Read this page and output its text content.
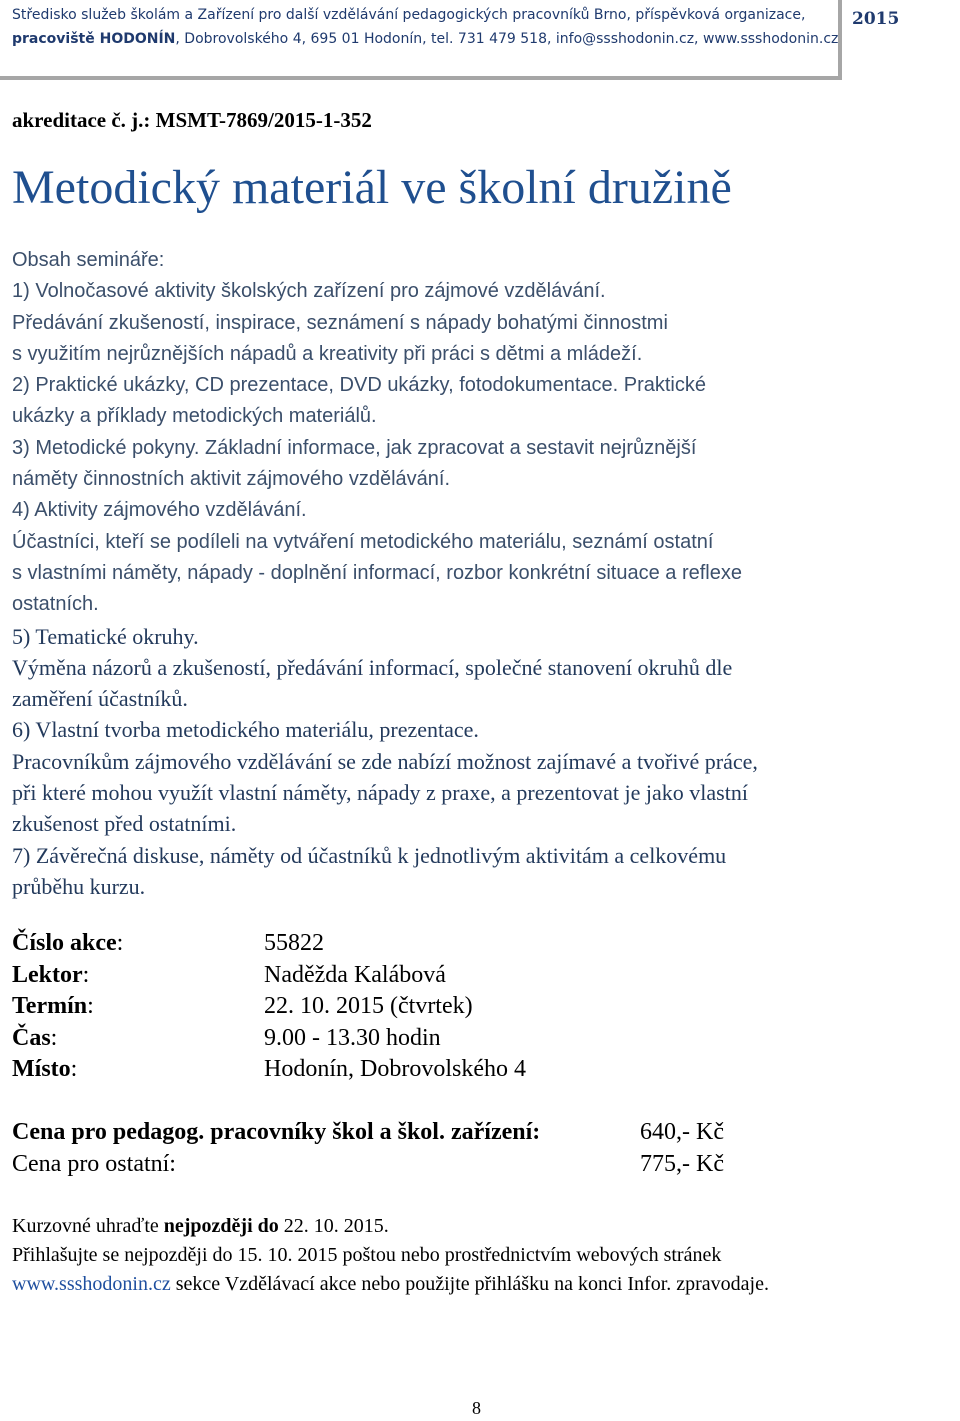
Středisko služeb školám a Zařízení pro další vzdělávání pedagogických pracovníků Brno, příspěvková organizace,
pracoviště HODONÍN, Dobrovolského 4, 695 01 Hodonín, tel. 731 479 518, info@ssshodonin.cz, www.ssshodonin.cz
2015
akreditace č. j.: MSMT-7869/2015-1-352
Metodický materiál ve školní družině
Obsah semináře:
1) Volnočasové aktivity školských zařízení pro zájmové vzdělávání.
Předávání zkušeností, inspirace, seznámení s nápady bohatými činnostmi
s využitím nejrůznějších nápadů a kreativity při práci s dětmi a mládeží.
2) Praktické ukázky, CD prezentace, DVD ukázky, fotodokumentace. Praktické
ukázky a příklady metodických materiálů.
3) Metodické pokyny. Základní informace, jak zpracovat a sestavit nejrůznější
náměty činnostních aktivit zájmového vzdělávání.
4) Aktivity zájmového vzdělávání.
Účastníci, kteří se podíleli na vytváření metodického materiálu, seznámí ostatní
s vlastními náměty, nápady - doplnění informací, rozbor konkrétní situace a reflexe
ostatních.
5) Tematické okruhy.
Výměna názorů a zkušeností, předávání informací, společné stanovení okruhů dle
zaměření účastníků.
6) Vlastní tvorba metodického materiálu, prezentace.
Pracovníkům zájmového vzdělávání se zde nabízí možnost zajímavé a tvořivé práce,
při které mohou využít vlastní náměty, nápady z praxe, a prezentovat je jako vlastní
zkušenost před ostatními.
7) Závěrečná diskuse, náměty od účastníků k jednotlivým aktivitám a celkovému
průběhu kurzu.
Číslo akce:	55822
Lektor:	Naděžda Kalábová
Termín:	22. 10. 2015 (čtvrtek)
Čas:	9.00 - 13.30 hodin
Místo:	Hodonín, Dobrovolského 4
Cena pro pedagog. pracovníky škol a škol. zařízení:	640,- Kč
Cena pro ostatní:	775,- Kč
Kurzovné uhraďte nejpozději do 22. 10. 2015.
Přihlašujte se nejpozději do 15. 10. 2015 poštou nebo prostřednictvím webových stránek
www.ssshodonin.cz sekce Vzdělávací akce nebo použijte přihlášku na konci Infor. zpravodaje.
8
